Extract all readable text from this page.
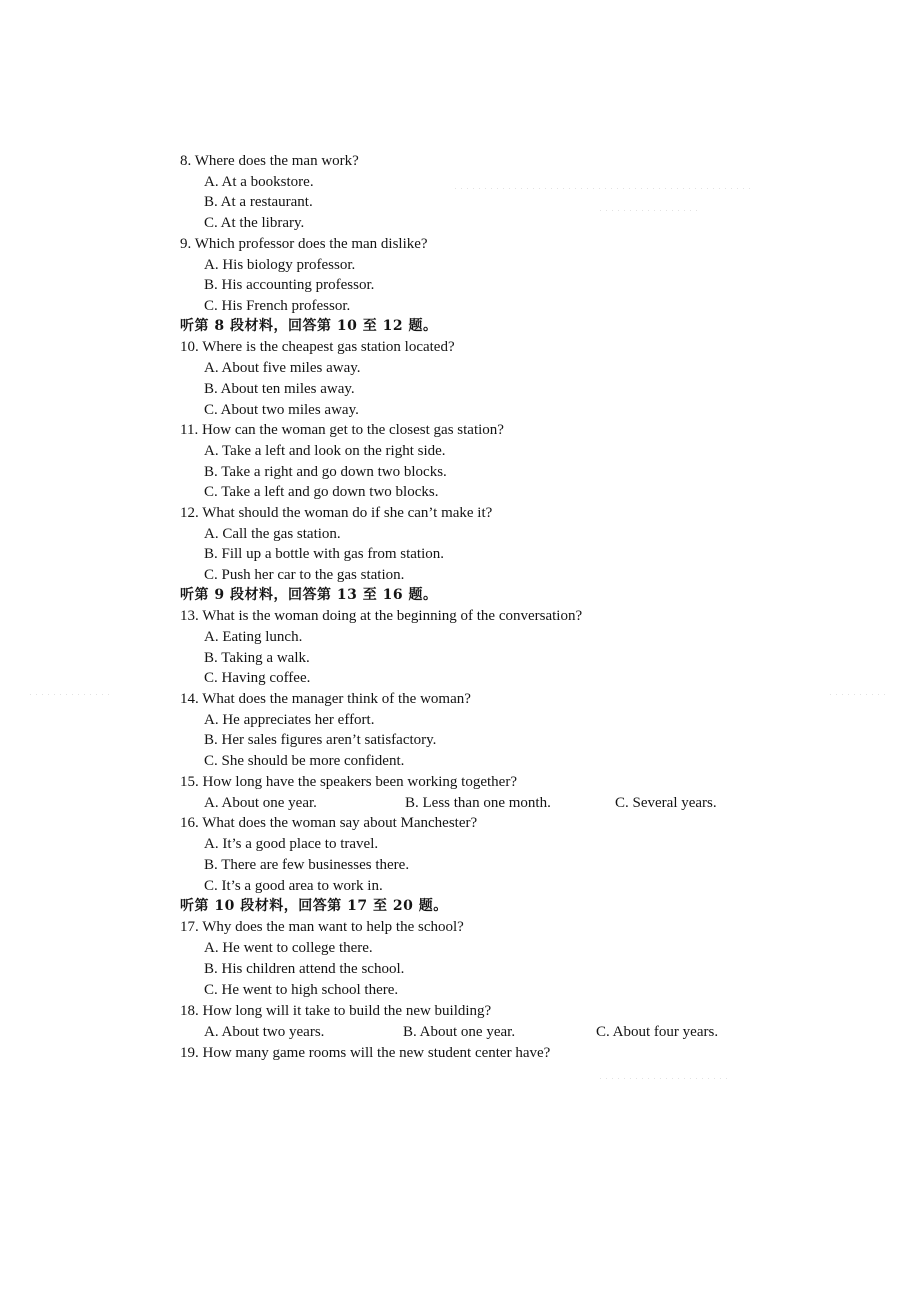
8. Where does the man work?
A. At a bookstore.
B. At a restaurant.
C. At the library.
9. Which professor does the man dislike?
A. His biology professor.
B. His accounting professor.
C. His French professor.
听第 8 段材料，回答第 10 至 12 题。
10. Where is the cheapest gas station located?
A. About five miles away.
B. About ten miles away.
C. About two miles away.
11. How can the woman get to the closest gas station?
A. Take a left and look on the right side.
B. Take a right and go down two blocks.
C. Take a left and go down two blocks.
12. What should the woman do if she can’t make it?
A. Call the gas station.
B. Fill up a bottle with gas from station.
C. Push her car to the gas station.
听第 9 段材料，回答第 13 至 16 题。
13. What is the woman doing at the beginning of the conversation?
A. Eating lunch.
B. Taking a walk.
C. Having coffee.
14. What does the manager think of the woman?
A. He appreciates her effort.
B. Her sales figures aren’t satisfactory.
C. She should be more confident.
15. How long have the speakers been working together?
A. About one year.	B. Less than one month.	C. Several years.
16. What does the woman say about Manchester?
A. It’s a good place to travel.
B. There are few businesses there.
C. It’s a good area to work in.
听第 10 段材料，回答第 17 至 20 题。
17. Why does the man want to help the school?
A. He went to college there.
B. His children attend the school.
C. He went to high school there.
18. How long will it take to build the new building?
A. About two years.	B. About one year.	C. About four years.
19. How many game rooms will the new student center have?
